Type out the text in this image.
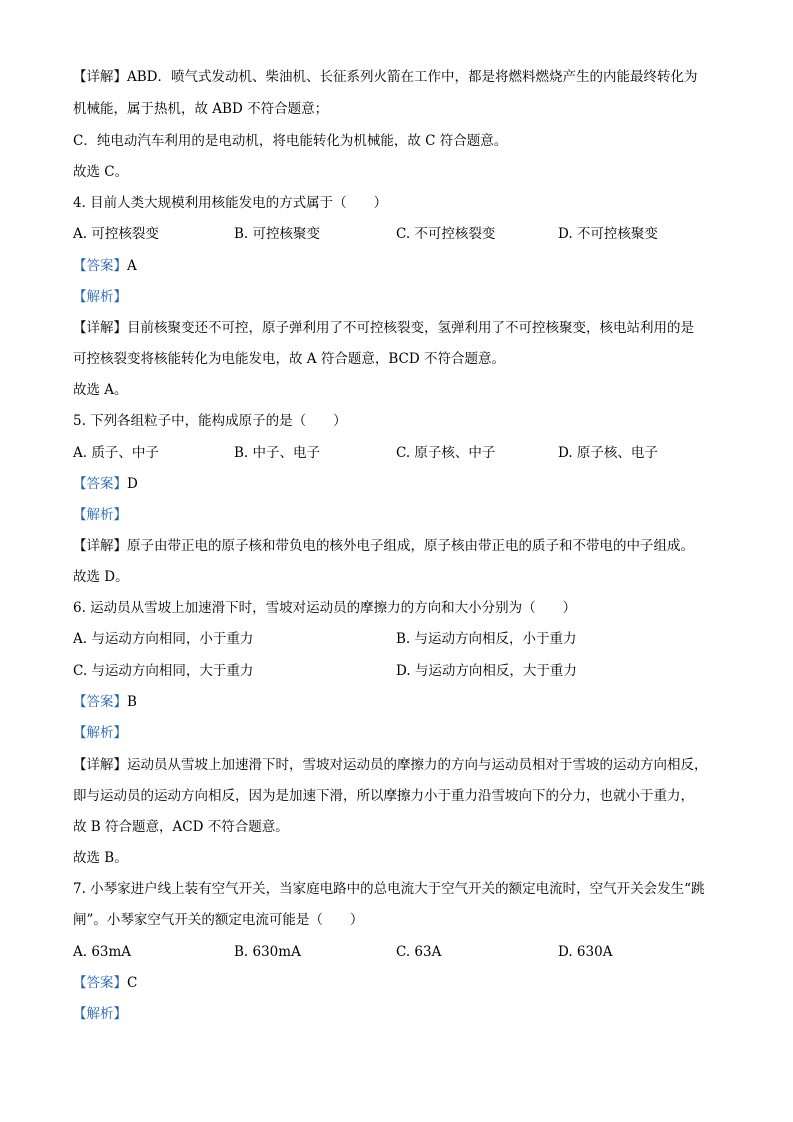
【详解】ABD．喷气式发动机、柴油机、长征系列火箭在工作中，都是将燃料燃烧产生的内能最终转化为
机械能，属于热机，故 ABD 不符合题意；
C．纯电动汽车利用的是电动机，将电能转化为机械能，故 C 符合题意。
故选 C。
4. 目前人类大规模利用核能发电的方式属于（　　）
A. 可控核裂变	B. 可控核聚变	C. 不可控核裂变	D. 不可控核聚变
【答案】A
【解析】
【详解】目前核聚变还不可控，原子弹利用了不可控核裂变，氢弹利用了不可控核聚变，核电站利用的是
可控核裂变将核能转化为电能发电，故 A 符合题意，BCD 不符合题意。
故选 A。
5. 下列各组粒子中，能构成原子的是（　　）
A. 质子、中子	B. 中子、电子	C. 原子核、中子	D. 原子核、电子
【答案】D
【解析】
【详解】原子由带正电的原子核和带负电的核外电子组成，原子核由带正电的质子和不带电的中子组成。
故选 D。
6. 运动员从雪坡上加速滑下时，雪坡对运动员的摩擦力的方向和大小分别为（　　）
A. 与运动方向相同，小于重力	B. 与运动方向相反，小于重力
C. 与运动方向相同，大于重力	D. 与运动方向相反，大于重力
【答案】B
【解析】
【详解】运动员从雪坡上加速滑下时，雪坡对运动员的摩擦力的方向与运动员相对于雪坡的运动方向相反，
即与运动员的运动方向相反，因为是加速下滑，所以摩擦力小于重力沿雪坡向下的分力，也就小于重力，
故 B 符合题意，ACD 不符合题意。
故选 B。
7. 小琴家进户线上装有空气开关，当家庭电路中的总电流大于空气开关的额定电流时，空气开关会发生“跳
闸”。小琴家空气开关的额定电流可能是（　　）
A. 63mA	B. 630mA	C. 63A	D. 630A
【答案】C
【解析】
